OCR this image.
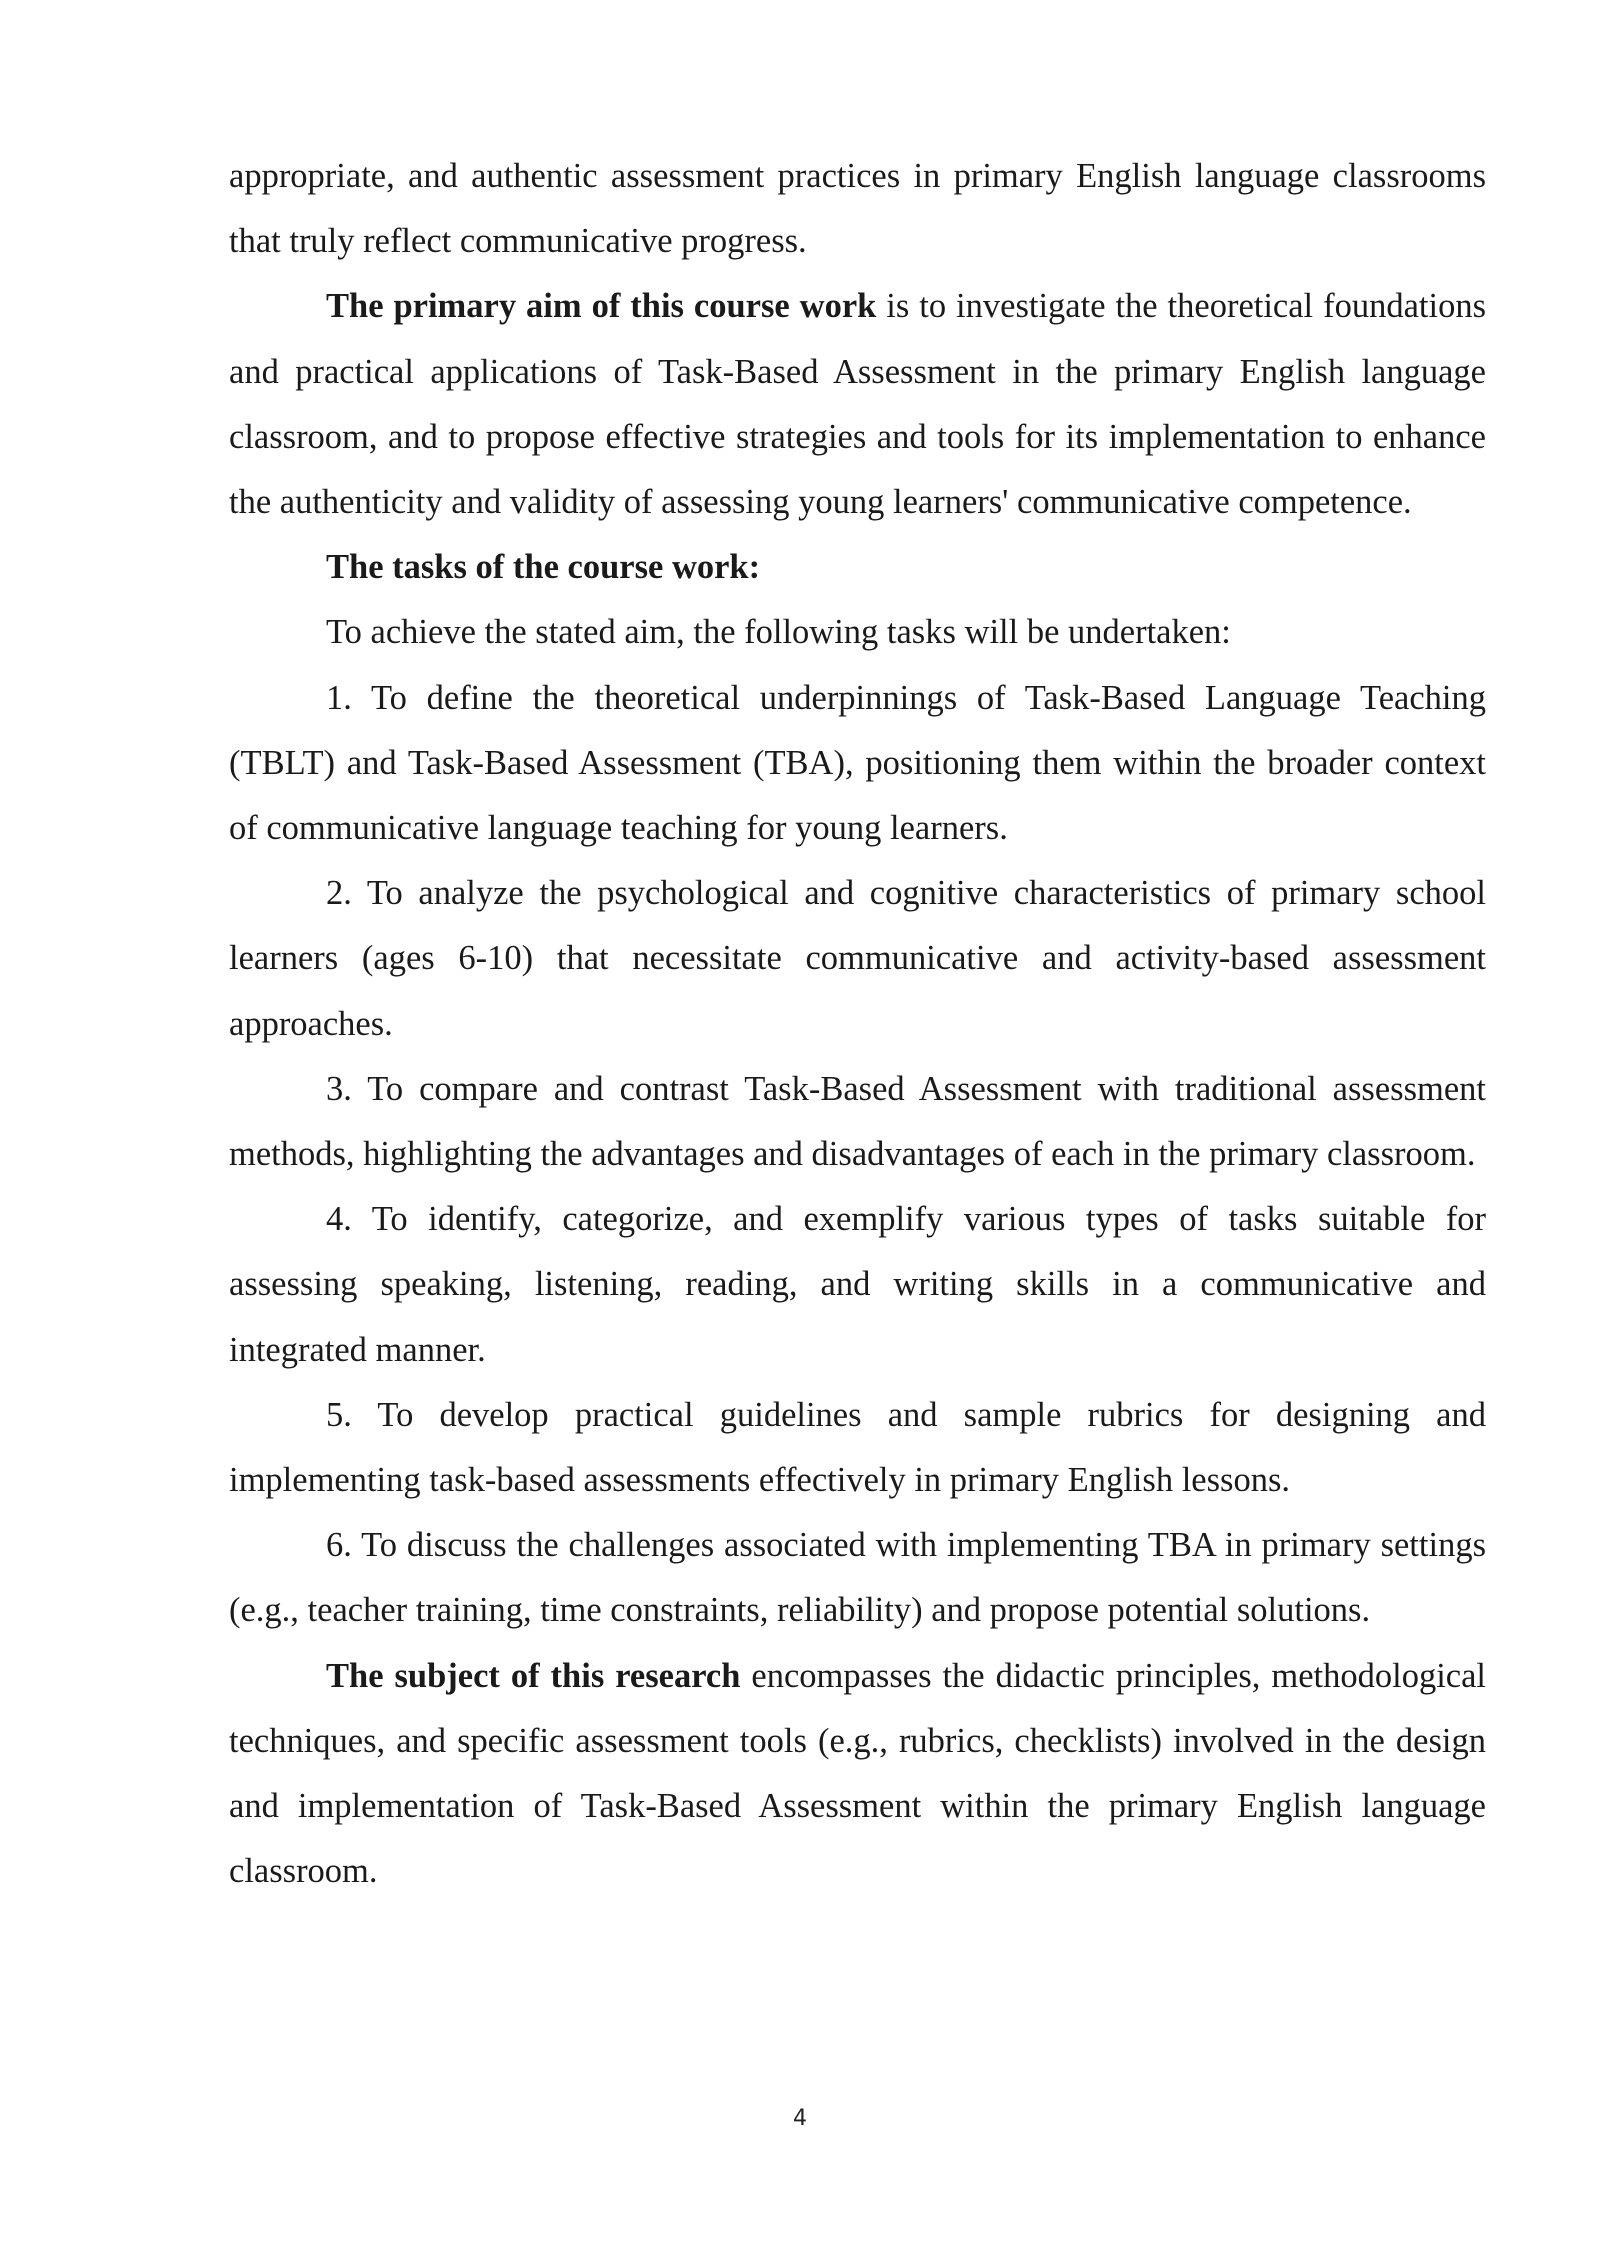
appropriate, and authentic assessment practices in primary English language classrooms that truly reflect communicative progress.

The primary aim of this course work is to investigate the theoretical foundations and practical applications of Task-Based Assessment in the primary English language classroom, and to propose effective strategies and tools for its implementation to enhance the authenticity and validity of assessing young learners' communicative competence.

The tasks of the course work:

To achieve the stated aim, the following tasks will be undertaken:

1. To define the theoretical underpinnings of Task-Based Language Teaching (TBLT) and Task-Based Assessment (TBA), positioning them within the broader context of communicative language teaching for young learners.

2. To analyze the psychological and cognitive characteristics of primary school learners (ages 6-10) that necessitate communicative and activity-based assessment approaches.

3. To compare and contrast Task-Based Assessment with traditional assessment methods, highlighting the advantages and disadvantages of each in the primary classroom.

4. To identify, categorize, and exemplify various types of tasks suitable for assessing speaking, listening, reading, and writing skills in a communicative and integrated manner.

5. To develop practical guidelines and sample rubrics for designing and implementing task-based assessments effectively in primary English lessons.

6. To discuss the challenges associated with implementing TBA in primary settings (e.g., teacher training, time constraints, reliability) and propose potential solutions.

The subject of this research encompasses the didactic principles, methodological techniques, and specific assessment tools (e.g., rubrics, checklists) involved in the design and implementation of Task-Based Assessment within the primary English language classroom.

4
